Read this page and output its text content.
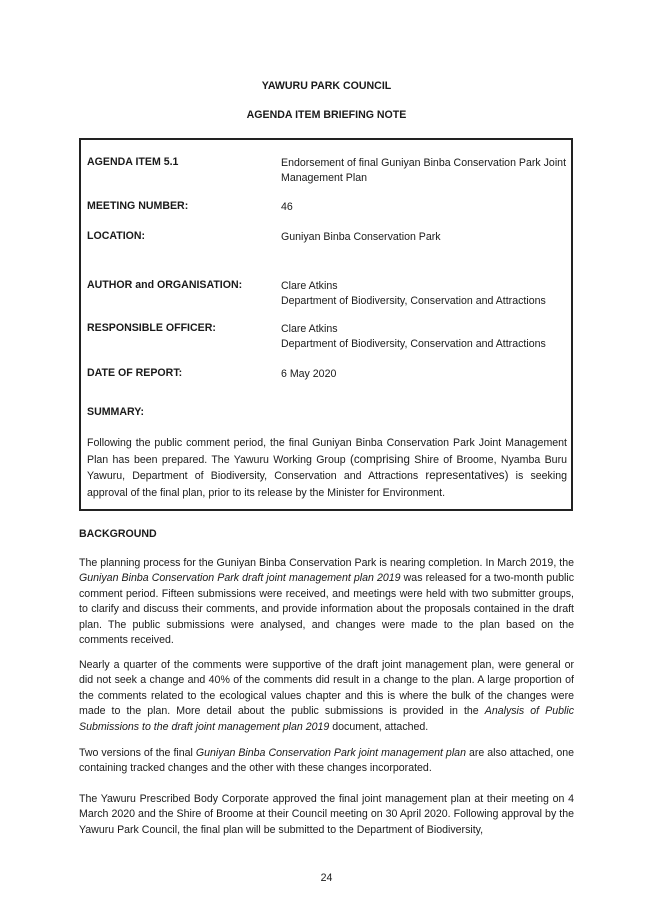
YAWURU PARK COUNCIL
AGENDA ITEM BRIEFING NOTE
AGENDA ITEM 5.1	Endorsement of final Guniyan Binba Conservation Park Joint Management Plan
MEETING NUMBER:	46
LOCATION:	Guniyan Binba Conservation Park
AUTHOR and ORGANISATION:	Clare Atkins
Department of Biodiversity, Conservation and Attractions
RESPONSIBLE OFFICER:	Clare Atkins
Department of Biodiversity, Conservation and Attractions
DATE OF REPORT:	6 May 2020
SUMMARY:
Following the public comment period, the final Guniyan Binba Conservation Park Joint Management Plan has been prepared. The Yawuru Working Group (comprising Shire of Broome, Nyamba Buru Yawuru, Department of Biodiversity, Conservation and Attractions representatives) is seeking approval of the final plan, prior to its release by the Minister for Environment.
BACKGROUND
The planning process for the Guniyan Binba Conservation Park is nearing completion. In March 2019, the Guniyan Binba Conservation Park draft joint management plan 2019 was released for a two-month public comment period. Fifteen submissions were received, and meetings were held with two submitter groups, to clarify and discuss their comments, and provide information about the proposals contained in the draft plan. The public submissions were analysed, and changes were made to the plan based on the comments received.
Nearly a quarter of the comments were supportive of the draft joint management plan, were general or did not seek a change and 40% of the comments did result in a change to the plan. A large proportion of the comments related to the ecological values chapter and this is where the bulk of the changes were made to the plan. More detail about the public submissions is provided in the Analysis of Public Submissions to the draft joint management plan 2019 document, attached.
Two versions of the final Guniyan Binba Conservation Park joint management plan are also attached, one containing tracked changes and the other with these changes incorporated.
The Yawuru Prescribed Body Corporate approved the final joint management plan at their meeting on 4 March 2020 and the Shire of Broome at their Council meeting on 30 April 2020. Following approval by the Yawuru Park Council, the final plan will be submitted to the Department of Biodiversity,
24
